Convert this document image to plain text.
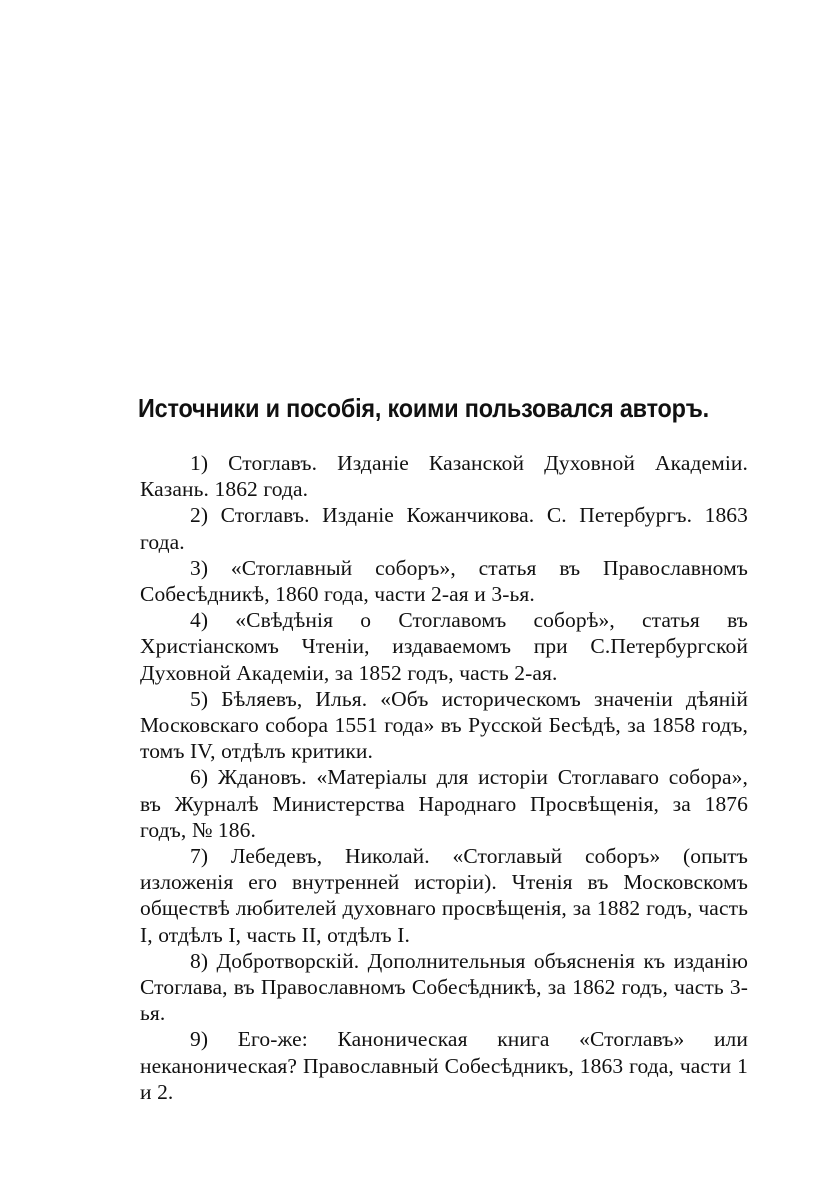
Источники и пособія, коими пользовался авторъ.
1) Стоглавъ. Изданіе Казанской Духовной Академіи. Казань. 1862 года.
2) Стоглавъ. Изданіе Кожанчикова. С. Петербургъ. 1863 года.
3) «Стоглавный соборъ», статья въ Православномъ Собесѣдникѣ, 1860 года, части 2-ая и 3-ья.
4) «Свѣдѣнія о Стоглавомъ соборѣ», статья въ Христіанскомъ Чтеніи, издаваемомъ при С.Петербургской Духовной Академіи, за 1852 годъ, часть 2-ая.
5) Бѣляевъ, Илья. «Объ историческомъ значеніи дѣяній Московскаго собора 1551 года» въ Русской Бесѣдѣ, за 1858 годъ, томъ IV, отдѣлъ критики.
6) Ждановъ. «Матеріалы для исторіи Стоглаваго собора», въ Журналѣ Министерства Народнаго Просвѣщенія, за 1876 годъ, № 186.
7) Лебедевъ, Николай. «Стоглавый соборъ» (опытъ изложенія его внутренней исторіи). Чтенія въ Московскомъ обществѣ любителей духовнаго просвѣщенія, за 1882 годъ, часть I, отдѣлъ I, часть II, отдѣлъ I.
8) Добротворскій. Дополнительныя объясненія къ изданію Стоглава, въ Православномъ Собесѣдникѣ, за 1862 годъ, часть 3-ья.
9) Его-же: Каноническая книга «Стоглавъ» или неканоническая? Православный Собесѣдникъ, 1863 года, части 1 и 2.
